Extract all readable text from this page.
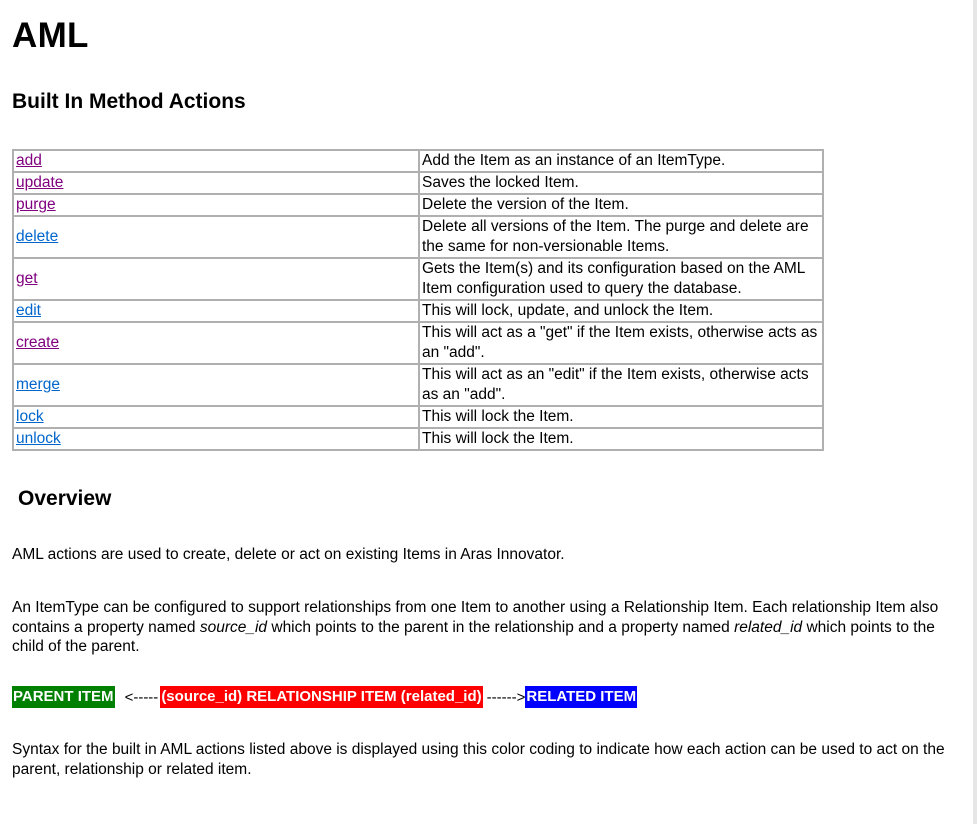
AML
Built In Method Actions
add	Add the Item as an instance of an ItemType.
update	Saves the locked Item.
purge	Delete the version of the Item.
delete	Delete all versions of the Item. The purge and delete are the same for non-versionable Items.
get	Gets the Item(s) and its configuration based on the AML Item configuration used to query the database.
edit	This will lock, update, and unlock the Item.
create	This will act as a "get" if the Item exists, otherwise acts as an "add".
merge	This will act as an "edit" if the Item exists, otherwise acts as an "add".
lock	This will lock the Item.
unlock	This will lock the Item.
Overview

AML actions are used to create, delete or act on existing Items in Aras Innovator.

An ItemType can be configured to support relationships from one Item to another using a Relationship Item. Each relationship Item also contains a property named source_id which points to the parent in the relationship and a property named related_id which points to the child of the parent.

PARENT ITEM <----- (source_id) RELATIONSHIP ITEM (related_id) ------> RELATED ITEM

Syntax for the built in AML actions listed above is displayed using this color coding to indicate how each action can be used to act on the parent, relationship or related item.
